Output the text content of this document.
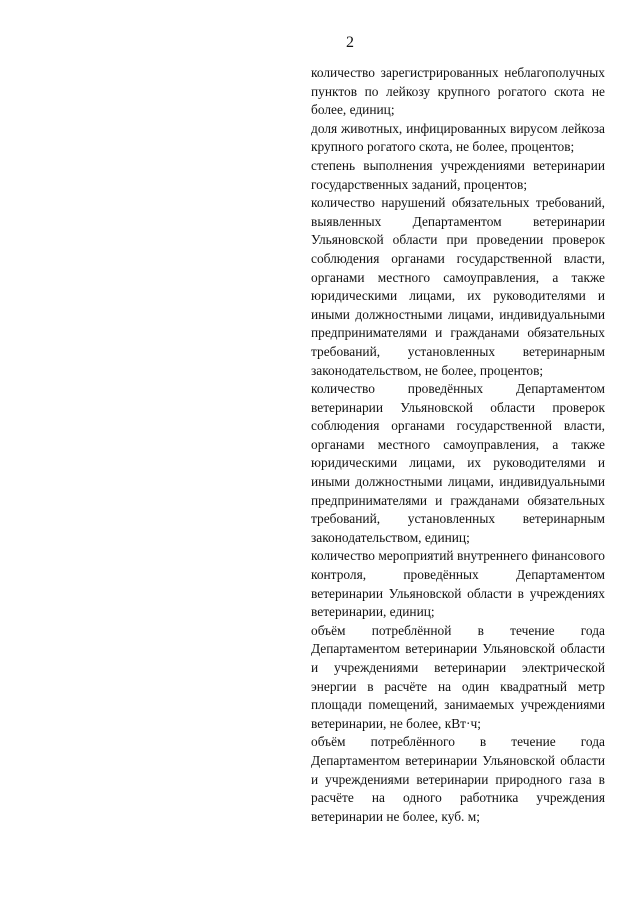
2

количество зарегистрированных неблагополучных пунктов по лейкозу крупного рогатого скота не более, единиц;

доля животных, инфицированных вирусом лейкоза крупного рогатого скота, не более, процентов;

степень выполнения учреждениями ветеринарии государственных заданий, процентов;

количество нарушений обязательных требований, выявленных Департаментом ветеринарии Ульяновской области при проведении проверок соблюдения органами государственной власти, органами местного самоуправления, а также юридическими лицами, их руководителями и иными должностными лицами, индивидуальными предпринимателями и гражданами обязательных требований, установленных ветеринарным законодательством, не более, процентов;

количество проведённых Департаментом ветеринарии Ульяновской области проверок соблюдения органами государственной власти, органами местного самоуправления, а также юридическими лицами, их руководителями и иными должностными лицами, индивидуальными предпринимателями и гражданами обязательных требований, установленных ветеринарным законодательством, единиц;

количество мероприятий внутреннего финансового контроля, проведённых Департаментом ветеринарии Ульяновской области в учреждениях ветеринарии, единиц;

объём потреблённой в течение года Департаментом ветеринарии Ульяновской области и учреждениями ветеринарии электрической энергии в расчёте на один квадратный метр площади помещений, занимаемых учреждениями ветеринарии, не более, кВт·ч;

объём потреблённого в течение года Департаментом ветеринарии Ульяновской области и учреждениями ветеринарии природного газа в расчёте на одного работника учреждения ветеринарии не более, куб. м;
